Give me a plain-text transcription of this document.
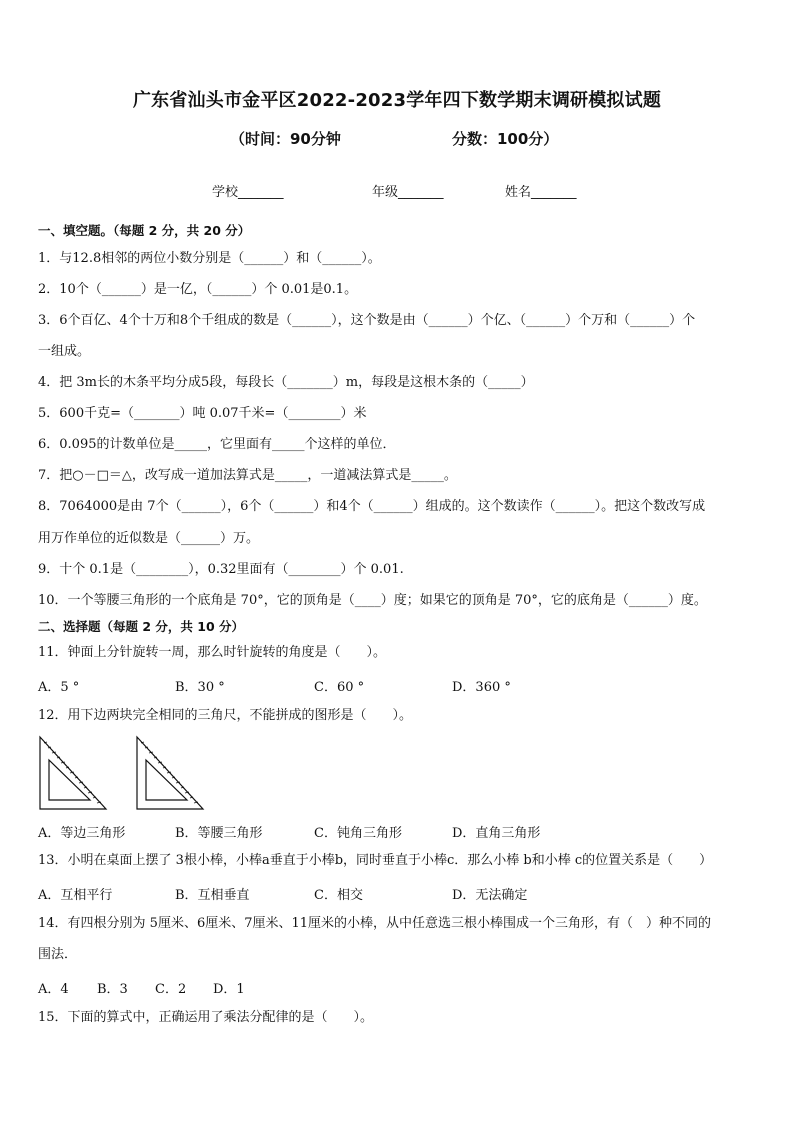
广东省汕头市金平区2022-2023学年四下数学期末调研模拟试题
（时间：90分钟	分数：100分）
学校_______	年级_______	姓名_______
一、填空题。（每题 2 分，共 20 分）
1．与12.8相邻的两位小数分别是（______）和（______）。
2．10个（______）是一亿，（______）个 0.01是0.1。
3．6个百亿、4个十万和8个千组成的数是（______），这个数是由（______）个亿、（______）个万和（______）个
一组成。
4．把 3m长的木条平均分成5段，每段长（_______）m，每段是这根木条的（_____）
5．600千克=（_______）吨 0.07千米=（________）米
6．0.095的计数单位是_____，它里面有_____个这样的单位．
7．把○－□＝△，改写成一道加法算式是_____，一道减法算式是_____。
8．7064000是由 7个（______），6个（______）和4个（______）组成的。这个数读作（______）。把这个数改写成
用万作单位的近似数是（______）万。
9．十个 0.1是（________），0.32里面有（________）个 0.01.
10．一个等腰三角形的一个底角是 70°，它的顶角是（____）度；如果它的顶角是 70°，它的底角是（______）度。
二、选择题（每题 2 分，共 10 分）
11．钟面上分针旋转一周，那么时针旋转的角度是（　　）。
A．5 °	B．30 °	C．60 °	D．360 °
12．用下边两块完全相同的三角尺，不能拼成的图形是（　　）。
A．等边三角形	B．等腰三角形	C．钝角三角形	D．直角三角形
13．小明在桌面上摆了 3根小棒，小棒a垂直于小棒b，同时垂直于小棒c．那么小棒 b和小棒 c的位置关系是（　　）
A．互相平行	B．互相垂直	C．相交	D．无法确定
14．有四根分别为 5厘米、6厘米、7厘米、11厘米的小棒，从中任意选三根小棒围成一个三角形，有（　）种不同的
围法．
A．4 B．3 C．2 D．1
15．下面的算式中，正确运用了乘法分配律的是（　　）。
